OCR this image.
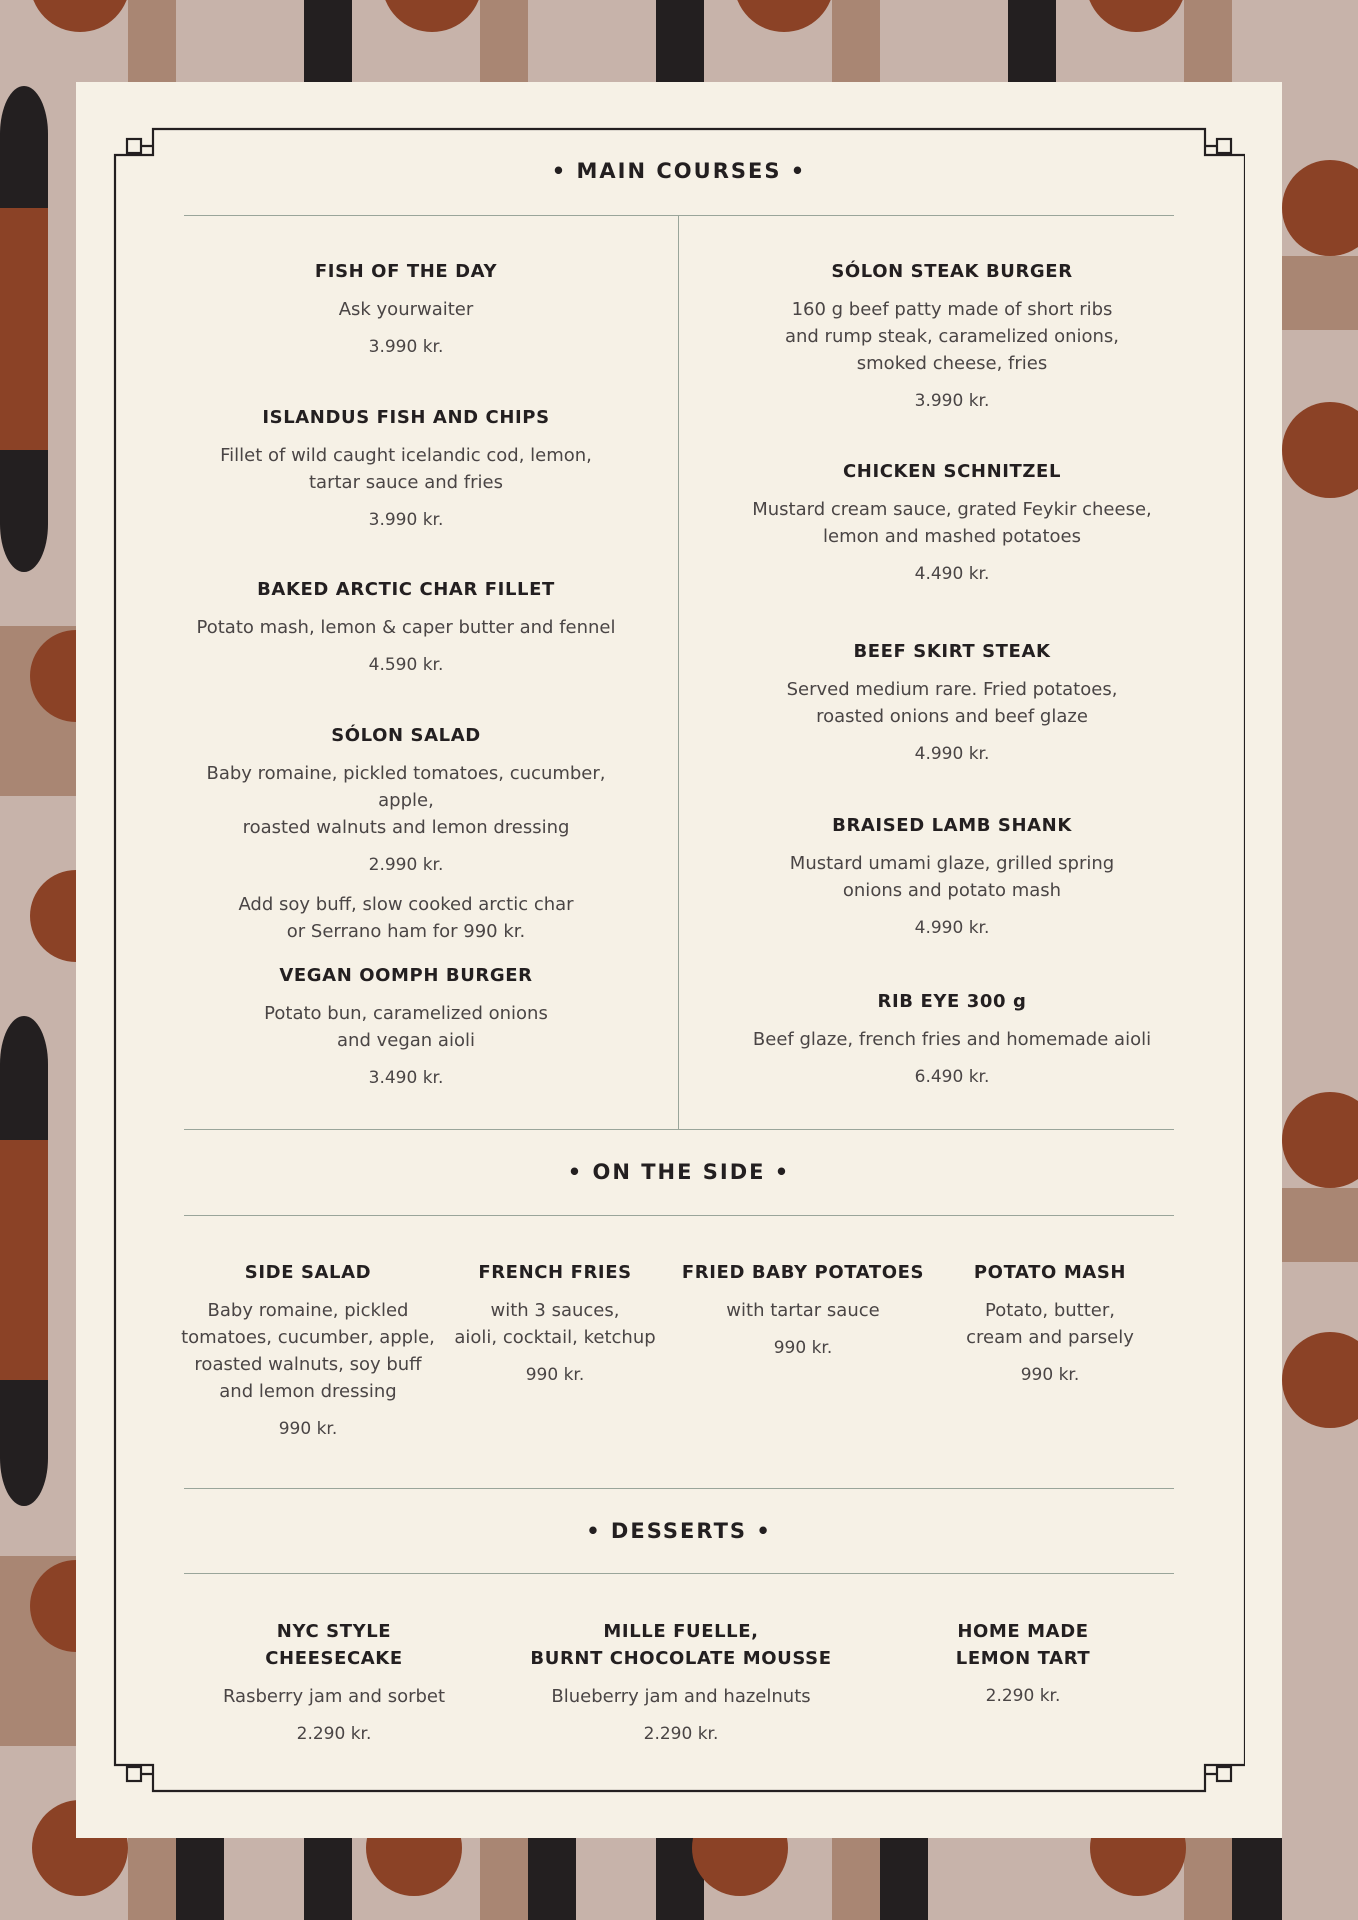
• MAIN COURSES •
FISH OF THE DAY
Ask yourwaiter
3.990 kr.
ISLANDUS FISH AND CHIPS
Fillet of wild caught icelandic cod, lemon,
tartar sauce and fries
3.990 kr.
BAKED ARCTIC CHAR FILLET
Potato mash, lemon & caper butter and fennel
4.590 kr.
SÓLON SALAD
Baby romaine, pickled tomatoes, cucumber, apple,
roasted walnuts and lemon dressing
2.990 kr.
Add soy buff, slow cooked arctic char
or Serrano ham for 990 kr.
VEGAN OOMPH BURGER
Potato bun, caramelized onions
and vegan aioli
3.490 kr.
SÓLON STEAK BURGER
160 g beef patty made of short ribs
and rump steak, caramelized onions,
smoked cheese, fries
3.990 kr.
CHICKEN SCHNITZEL
Mustard cream sauce, grated Feykir cheese,
lemon and mashed potatoes
4.490 kr.
BEEF SKIRT STEAK
Served medium rare. Fried potatoes,
roasted onions and beef glaze
4.990 kr.
BRAISED LAMB SHANK
Mustard umami glaze, grilled spring
onions and potato mash
4.990 kr.
RIB EYE 300 g
Beef glaze, french fries and homemade aioli
6.490 kr.
• ON THE SIDE •
SIDE SALAD
Baby romaine, pickled
tomatoes, cucumber, apple,
roasted walnuts, soy buff
and lemon dressing
990 kr.
FRENCH FRIES
with 3 sauces,
aioli, cocktail, ketchup
990 kr.
FRIED BABY POTATOES
with tartar sauce
990 kr.
POTATO MASH
Potato, butter,
cream and parsely
990 kr.
• DESSERTS •
NYC STYLE
CHEESECAKE
Rasberry jam and sorbet
2.290 kr.
MILLE FUELLE,
BURNT CHOCOLATE MOUSSE
Blueberry jam and hazelnuts
2.290 kr.
HOME MADE
LEMON TART
2.290 kr.
